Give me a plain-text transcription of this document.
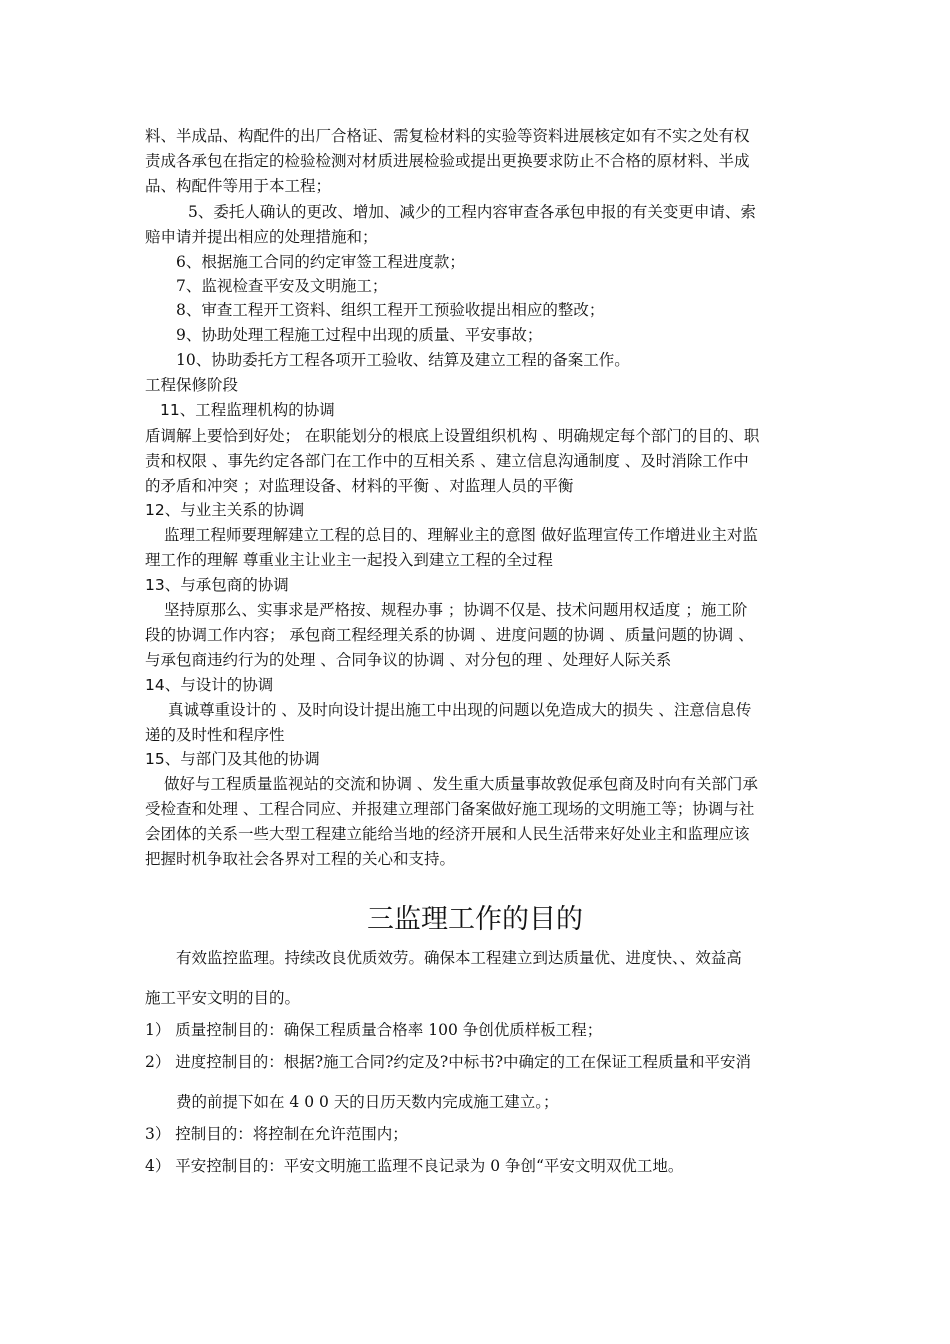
料、半成品、构配件的出厂合格证、需复检材料的实验等资料进展核定如有不实之处有权
责成各承包在指定的检验检测对材质进展检验或提出更换要求防止不合格的原材料、半成
品、构配件等用于本工程；
5、委托人确认的更改、增加、减少的工程内容审查各承包申报的有关变更申请、索
赔申请并提出相应的处理措施和；
6、根据施工合同的约定审签工程进度款；
7、监视检查平安及文明施工；
8、审查工程开工资料、组织工程开工预验收提出相应的整改；
9、协助处理工程施工过程中出现的质量、平安事故；
10、协助委托方工程各项开工验收、结算及建立工程的备案工作。
工程保修阶段
11、工程监理机构的协调
盾调解上要恰到好处； 在职能划分的根底上设置组织机构 、明确规定每个部门的目的、职
责和权限 、事先约定各部门在工作中的互相关系 、建立信息沟通制度 、及时消除工作中
的矛盾和冲突 ；对监理设备、材料的平衡 、对监理人员的平衡
12、与业主关系的协调
监理工程师要理解建立工程的总目的、理解业主的意图 做好监理宣传工作增进业主对监
理工作的理解 尊重业主让业主一起投入到建立工程的全过程
13、与承包商的协调
坚持原那么、实事求是严格按、规程办事 ；协调不仅是、技术问题用权适度 ；施工阶
段的协调工作内容； 承包商工程经理关系的协调 、进度问题的协调 、质量问题的协调 、
与承包商违约行为的处理 、合同争议的协调 、对分包的理 、处理好人际关系
14、与设计的协调
真诚尊重设计的 、及时向设计提出施工中出现的问题以免造成大的损失 、注意信息传
递的及时性和程序性
15、与部门及其他的协调
做好与工程质量监视站的交流和协调 、发生重大质量事故敦促承包商及时向有关部门承
受检查和处理 、工程合同应、并报建立理部门备案做好施工现场的文明施工等；协调与社
会团体的关系一些大型工程建立能给当地的经济开展和人民生活带来好处业主和监理应该
把握时机争取社会各界对工程的关心和支持。
三监理工作的目的
有效监控监理。持续改良优质效劳。确保本工程建立到达质量优、进度快、、效益高
施工平安文明的目的。
1） 质量控制目的：确保工程质量合格率 100 争创优质样板工程；
2） 进度控制目的：根据?施工合同?约定及?中标书?中确定的工在保证工程质量和平安消
费的前提下如在 4 0 0 天的日历天数内完成施工建立。；
3） 控制目的：将控制在允许范围内；
4） 平安控制目的：平安文明施工监理不良记录为 0 争创“平安文明双优工地。
